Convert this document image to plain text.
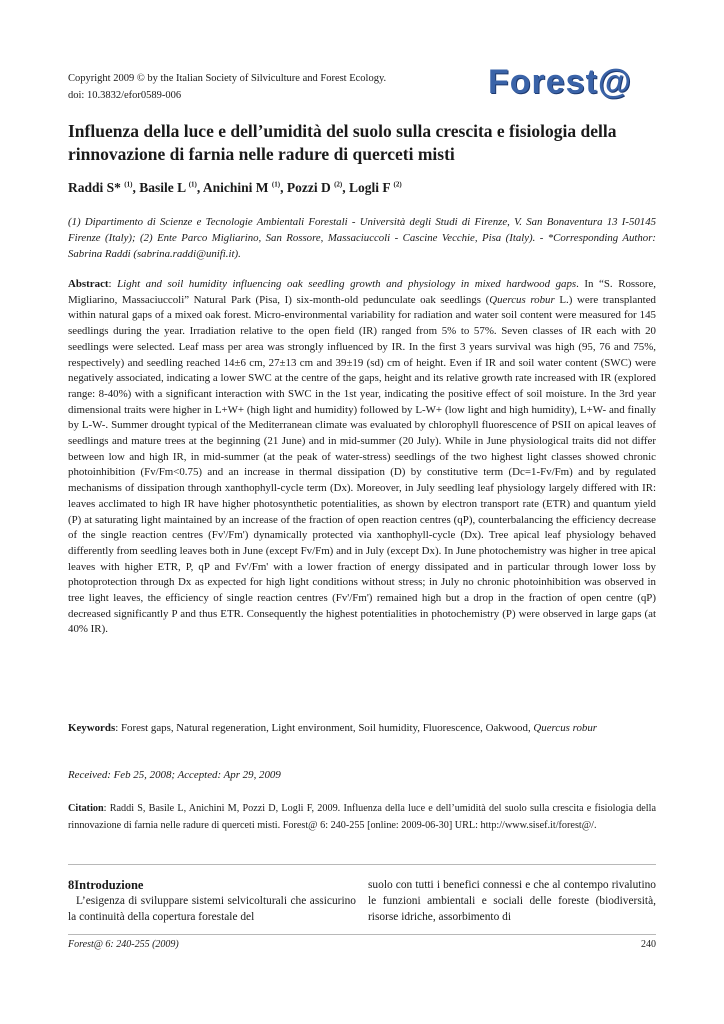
Copyright 2009 © by the Italian Society of Silviculture and Forest Ecology.
doi: 10.3832/efor0589-006	Forest@
Influenza della luce e dell’umidità del suolo sulla crescita e fisiologia della rinnovazione di farnia nelle radure di querceti misti
Raddi S* $^{(1)}$, Basile L $^{(1)}$, Anichini M $^{(1)}$, Pozzi D $^{(2)}$, Logli F $^{(2)}$
(1) Dipartimento di Scienze e Tecnologie Ambientali Forestali - Università degli Studi di Firenze, V. San Bonaventura 13 I-50145 Firenze (Italy); (2) Ente Parco Migliarino, San Rossore, Massaciuccoli - Cascine Vecchie, Pisa (Italy). - *Corresponding Author: Sabrina Raddi (sabrina.raddi@unifi.it).
Abstract: Light and soil humidity influencing oak seedling growth and physiology in mixed hardwood gaps. In “S. Rossore, Migliarino, Massaciuccoli” Natural Park (Pisa, I) six-month-old pedunculate oak seedlings (Quercus robur L.) were transplanted within natural gaps of a mixed oak forest. Micro-environmental variability for radiation and water soil content were measured for 145 seedlings during the year. Irradiation relative to the open field (IR) ranged from 5% to 57%. Seven classes of IR each with 20 seedlings were selected. Leaf mass per area was strongly influenced by IR. In the first 3 years survival was high (95, 76 and 75%, respectively) and seedling reached 14±6 cm, 27±13 cm and 39±19 (sd) cm of height. Even if IR and soil water content (SWC) were negatively associated, indicating a lower SWC at the centre of the gaps, height and its relative growth rate increased with IR (explored range: 8-40%) with a significant interaction with SWC in the 1st year, indicating the positive effect of soil moisture. In the 3rd year dimensional traits were higher in L+W+ (high light and humidity) followed by L-W+ (low light and high humidity), L+W- and finally by L-W-. Summer drought typical of the Mediterranean climate was evaluated by chlorophyll fluorescence of PSII on apical leaves of seedlings and mature trees at the beginning (21 June) and in mid-summer (20 July). While in June physiological traits did not differ between low and high IR, in mid-summer (at the peak of water-stress) seedlings of the two highest light classes showed chronic photoinhibition (Fv/Fm<0.75) and an increase in thermal dissipation (D) by constitutive term (Dc=1-Fv/Fm) and by regulated mechanisms of dissipation through xanthophyll-cycle term (Dx). Moreover, in July seedling leaf physiology largely differed with IR: leaves acclimated to high IR have higher photosynthetic potentialities, as shown by electron transport rate (ETR) and quantum yield (P) at saturating light maintained by an increase of the fraction of open reaction centres (qP), counterbalancing the efficiency decrease of the single reaction centres (Fv'/Fm') dynamically protected via xanthophyll-cycle (Dx). Tree apical leaf physiology behaved differently from seedling leaves both in June (except Fv/Fm) and in July (except Dx). In June photochemistry was higher in tree apical leaves with higher ETR, P, qP and Fv'/Fm' with a lower fraction of energy dissipated and in particular through lower loss by photoprotection through Dx as expected for high light conditions without stress; in July no chronic photoinhibition was observed in tree light leaves, the efficiency of single reaction centres (Fv'/Fm') remained high but a drop in the fraction of open centre (qP) decreased significantly P and thus ETR. Consequently the highest potentialities in photochemistry (P) were observed in large gaps (at 40% IR).
Keywords: Forest gaps, Natural regeneration, Light environment, Soil humidity, Fluorescence, Oakwood, Quercus robur
Received: Feb 25, 2008; Accepted: Apr 29, 2009
Citation: Raddi S, Basile L, Anichini M, Pozzi D, Logli F, 2009. Influenza della luce e dell’umidità del suolo sulla crescita e fisiologia della rinnovazione di farnia nelle radure di querceti misti. Forest@ 6: 240-255 [online: 2009-06-30] URL: http://www.sisef.it/forest@/.
8Introduzione
L’esigenza di sviluppare sistemi selvicolturali che assicurino la continuità della copertura forestale del
suolo con tutti i benefici connessi e che al contempo rivalutino le funzioni ambientali e sociali delle foreste (biodiversità, risorse idriche, assorbimento di
Forest@ 6: 240-255 (2009)	240
